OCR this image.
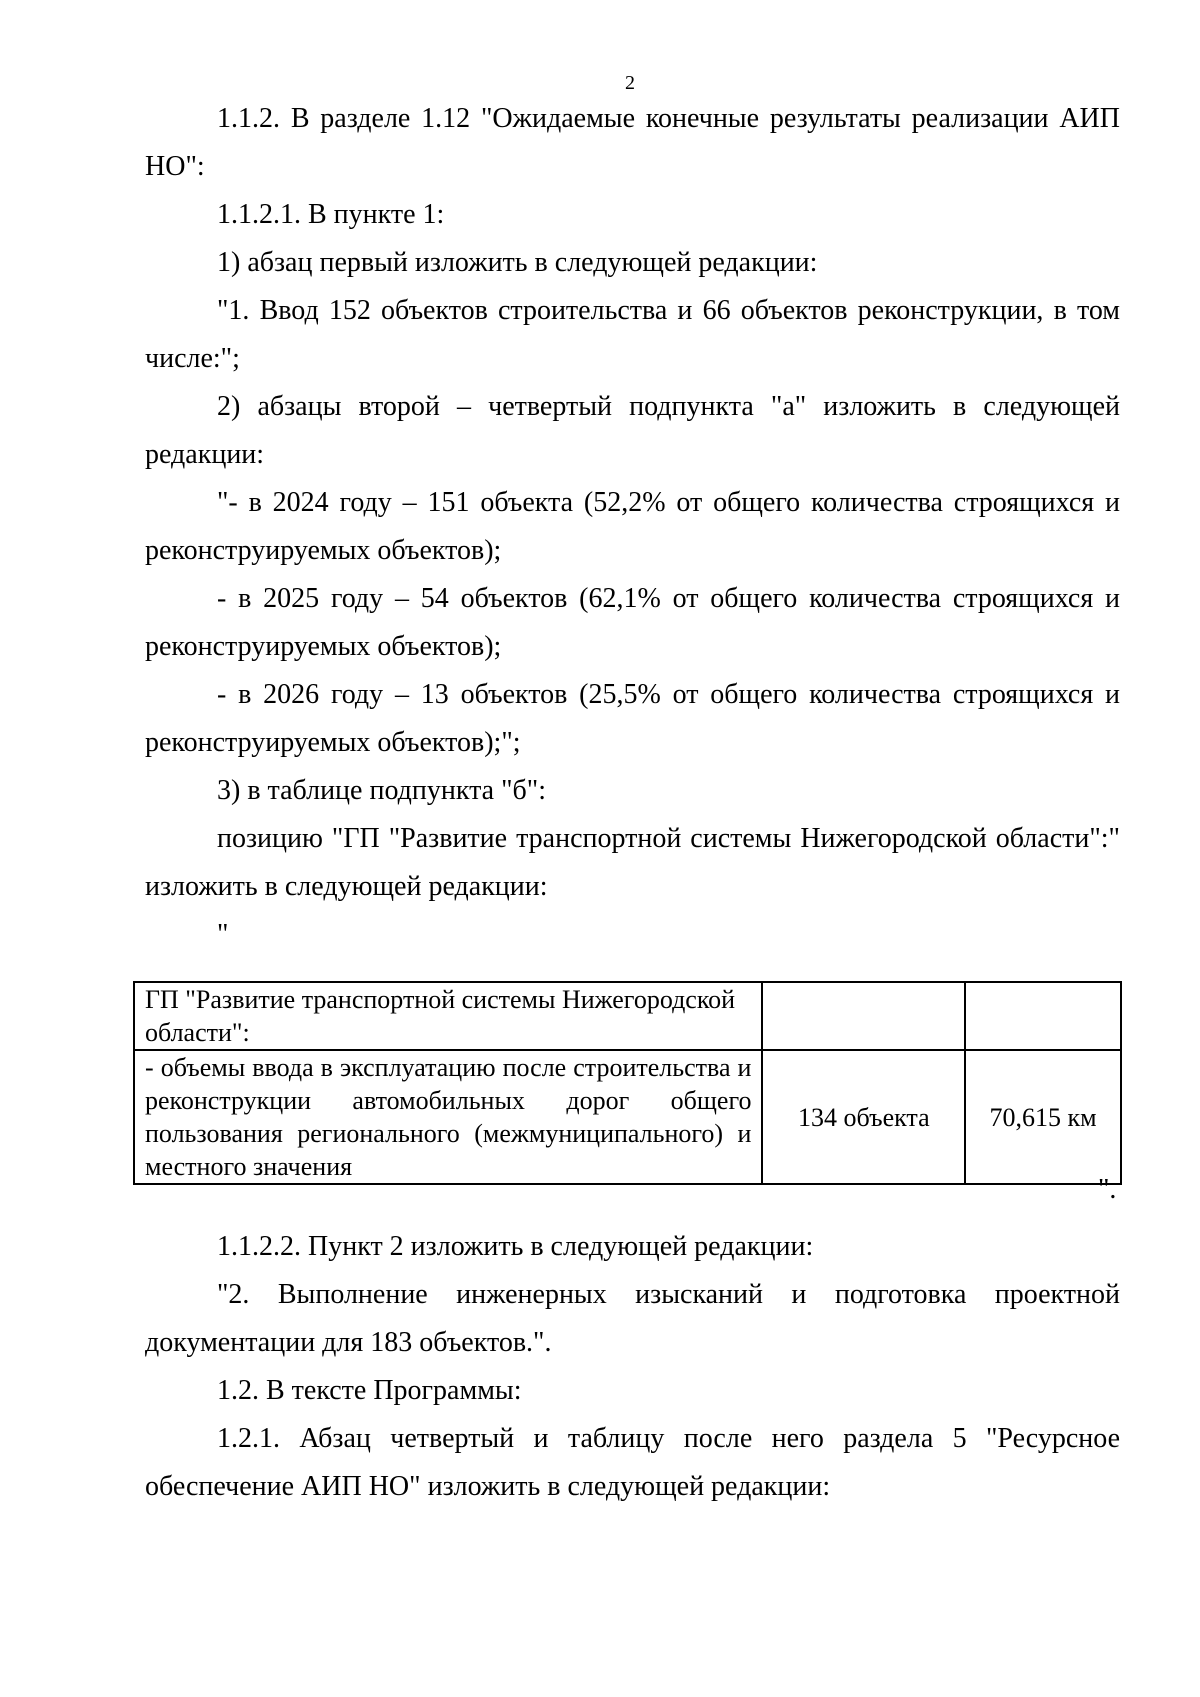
2

1.1.2. В разделе 1.12 "Ожидаемые конечные результаты реализации АИП НО":

1.1.2.1. В пункте 1:

1) абзац первый изложить в следующей редакции:

"1. Ввод 152 объектов строительства и 66 объектов реконструкции, в том числе:";

2) абзацы второй – четвертый подпункта "а" изложить в следующей редакции:

"- в 2024 году – 151 объекта (52,2% от общего количества строящихся и реконструируемых объектов);

- в 2025 году – 54 объектов (62,1% от общего количества строящихся и реконструируемых объектов);

- в 2026 году – 13 объектов (25,5% от общего количества строящихся и реконструируемых объектов);";

3) в таблице подпункта "б":

позицию "ГП "Развитие транспортной системы Нижегородской области":" изложить в следующей редакции:

"

ГП "Развитие транспортной системы Нижегородской области":		
- объемы ввода в эксплуатацию после строительства и реконструкции автомобильных дорог общего пользования регионального (межмуниципального) и местного значения	134 объекта	70,615 км
".

1.1.2.2. Пункт 2 изложить в следующей редакции:

"2. Выполнение инженерных изысканий и подготовка проектной документации для 183 объектов.".

1.2. В тексте Программы:

1.2.1. Абзац четвертый и таблицу после него раздела 5 "Ресурсное обеспечение АИП НО" изложить в следующей редакции:
